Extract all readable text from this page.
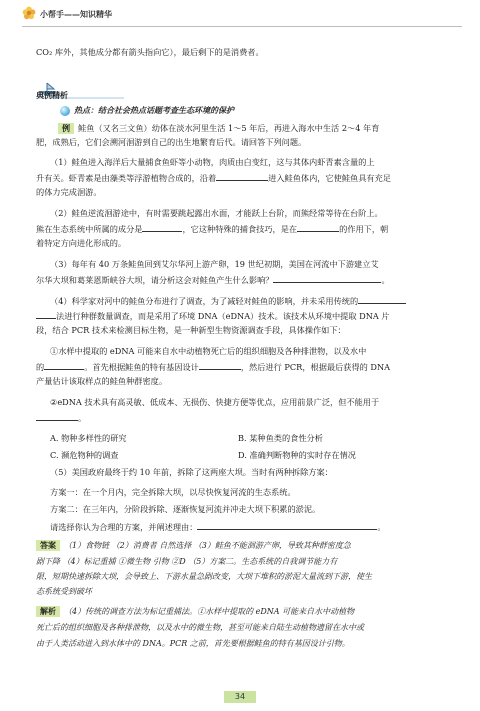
小帮手——知识精华
CO₂ 库外，其他成分都有箭头指向它），最后剩下的是消费者。
典例精析
热点：结合社会热点话题考查生态环境的保护
例 鲑鱼（又名三文鱼）幼体在淡水河里生活 1～5 年后，再进入海水中生活 2～4 年育
肥，成熟后，它们会溯河洄游到自己的出生地繁育后代。请回答下列问题。
（1）鲑鱼进入海洋后大量捕食鱼虾等小动物，肉质由白变红，这与其体内虾青素含量的上
升有关。虾青素是由藻类等浮游植物合成的，沿着	进入鲑鱼体内，它使鲑鱼具有充足
的体力完成洄游。
（2）鲑鱼逆流洄游途中，有时需要跳起露出水面，才能跃上台阶，而熊经常等待在台阶上。
熊在生态系统中所属的成分是	，它这种特殊的捕食技巧，是在	的作用下，朝
着特定方向进化形成的。
（3）每年有 40 万条鲑鱼回到艾尔华河上游产卵，19 世纪初期，美国在河流中下游建立艾
尔华大坝和葛莱恩斯峡谷大坝，请分析这会对鲑鱼产生什么影响？	。
（4）科学家对河中的鲑鱼分布进行了调查，为了减轻对鲑鱼的影响，并未采用传统的
法进行种群数量调查，而是采用了环境 DNA（eDNA）技术。该技术从环境中提取 DNA 片
段，结合 PCR 技术来检测目标生物，是一种新型生物资源调查手段，具体操作如下：
①水样中提取的 eDNA 可能来自水中动植物死亡后的组织细胞及各种排泄物，以及水中
的	。首先根据鲑鱼的特有基因设计	，然后进行 PCR，根据最后获得的 DNA
产量估计该取样点的鲑鱼种群密度。
②eDNA 技术具有高灵敏、低成本、无损伤、快捷方便等优点，应用前景广泛，但不能用于
。
A. 物种多样性的研究	B. 某种鱼类的食性分析
C. 濒危物种的调查	D. 准确判断物种的实时存在情况
（5）美国政府最终于约 10 年前，拆除了这两座大坝。当时有两种拆除方案：
方案一：在一个月内，完全拆除大坝，以尽快恢复河流的生态系统。
方案二：在三年内，分阶段拆除、逐渐恢复河流并冲走大坝下积累的淤泥。
请选择你认为合理的方案，并阐述理由：	。
答案 （1）食物链 （2）消费者 自然选择 （3）鲑鱼不能洄游产卵，导致其种群密度急
剧下降 （4）标记重捕 ①微生物 引物 ②D （5）方案二。生态系统的自我调节能力有
限，短期快速拆除大坝，会导致上、下游水量急剧改变，大坝下堆积的淤泥大量流到下游，使生
态系统受到破坏
解析 （4）传统的调查方法为标记重捕法。①水样中提取的 eDNA 可能来自水中动植物
死亡后的组织细胞及各种排泄物，以及水中的微生物，甚至可能来自陆生动植物遗留在水中或
由于人类活动进入到水体中的 DNA。PCR 之前，首先要根据鲑鱼的特有基因设计引物。
34
